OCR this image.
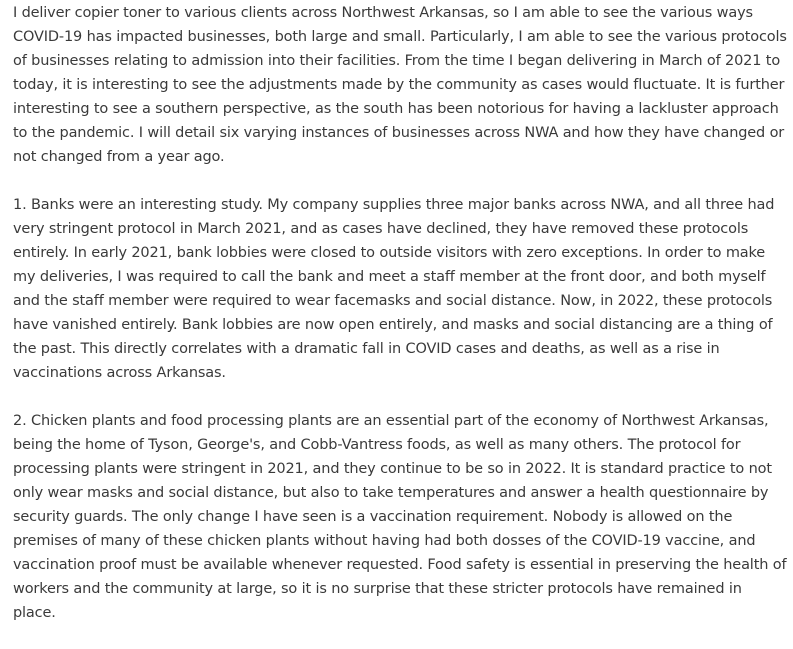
I deliver copier toner to various clients across Northwest Arkansas, so I am able to see the various ways COVID-19 has impacted businesses, both large and small. Particularly, I am able to see the various protocols of businesses relating to admission into their facilities. From the time I began delivering in March of 2021 to today, it is interesting to see the adjustments made by the community as cases would fluctuate. It is further interesting to see a southern perspective, as the south has been notorious for having a lackluster approach to the pandemic. I will detail six varying instances of businesses across NWA and how they have changed or not changed from a year ago.

1. Banks were an interesting study. My company supplies three major banks across NWA, and all three had very stringent protocol in March 2021, and as cases have declined, they have removed these protocols entirely. In early 2021, bank lobbies were closed to outside visitors with zero exceptions. In order to make my deliveries, I was required to call the bank and meet a staff member at the front door, and both myself and the staff member were required to wear facemasks and social distance. Now, in 2022, these protocols have vanished entirely. Bank lobbies are now open entirely, and masks and social distancing are a thing of the past. This directly correlates with a dramatic fall in COVID cases and deaths, as well as a rise in vaccinations across Arkansas.

2. Chicken plants and food processing plants are an essential part of the economy of Northwest Arkansas, being the home of Tyson, George's, and Cobb-Vantress foods, as well as many others. The protocol for processing plants were stringent in 2021, and they continue to be so in 2022. It is standard practice to not only wear masks and social distance, but also to take temperatures and answer a health questionnaire by security guards. The only change I have seen is a vaccination requirement. Nobody is allowed on the premises of many of these chicken plants without having had both dosses of the COVID-19 vaccine, and vaccination proof must be available whenever requested. Food safety is essential in preserving the health of workers and the community at large, so it is no surprise that these stricter protocols have remained in place.
